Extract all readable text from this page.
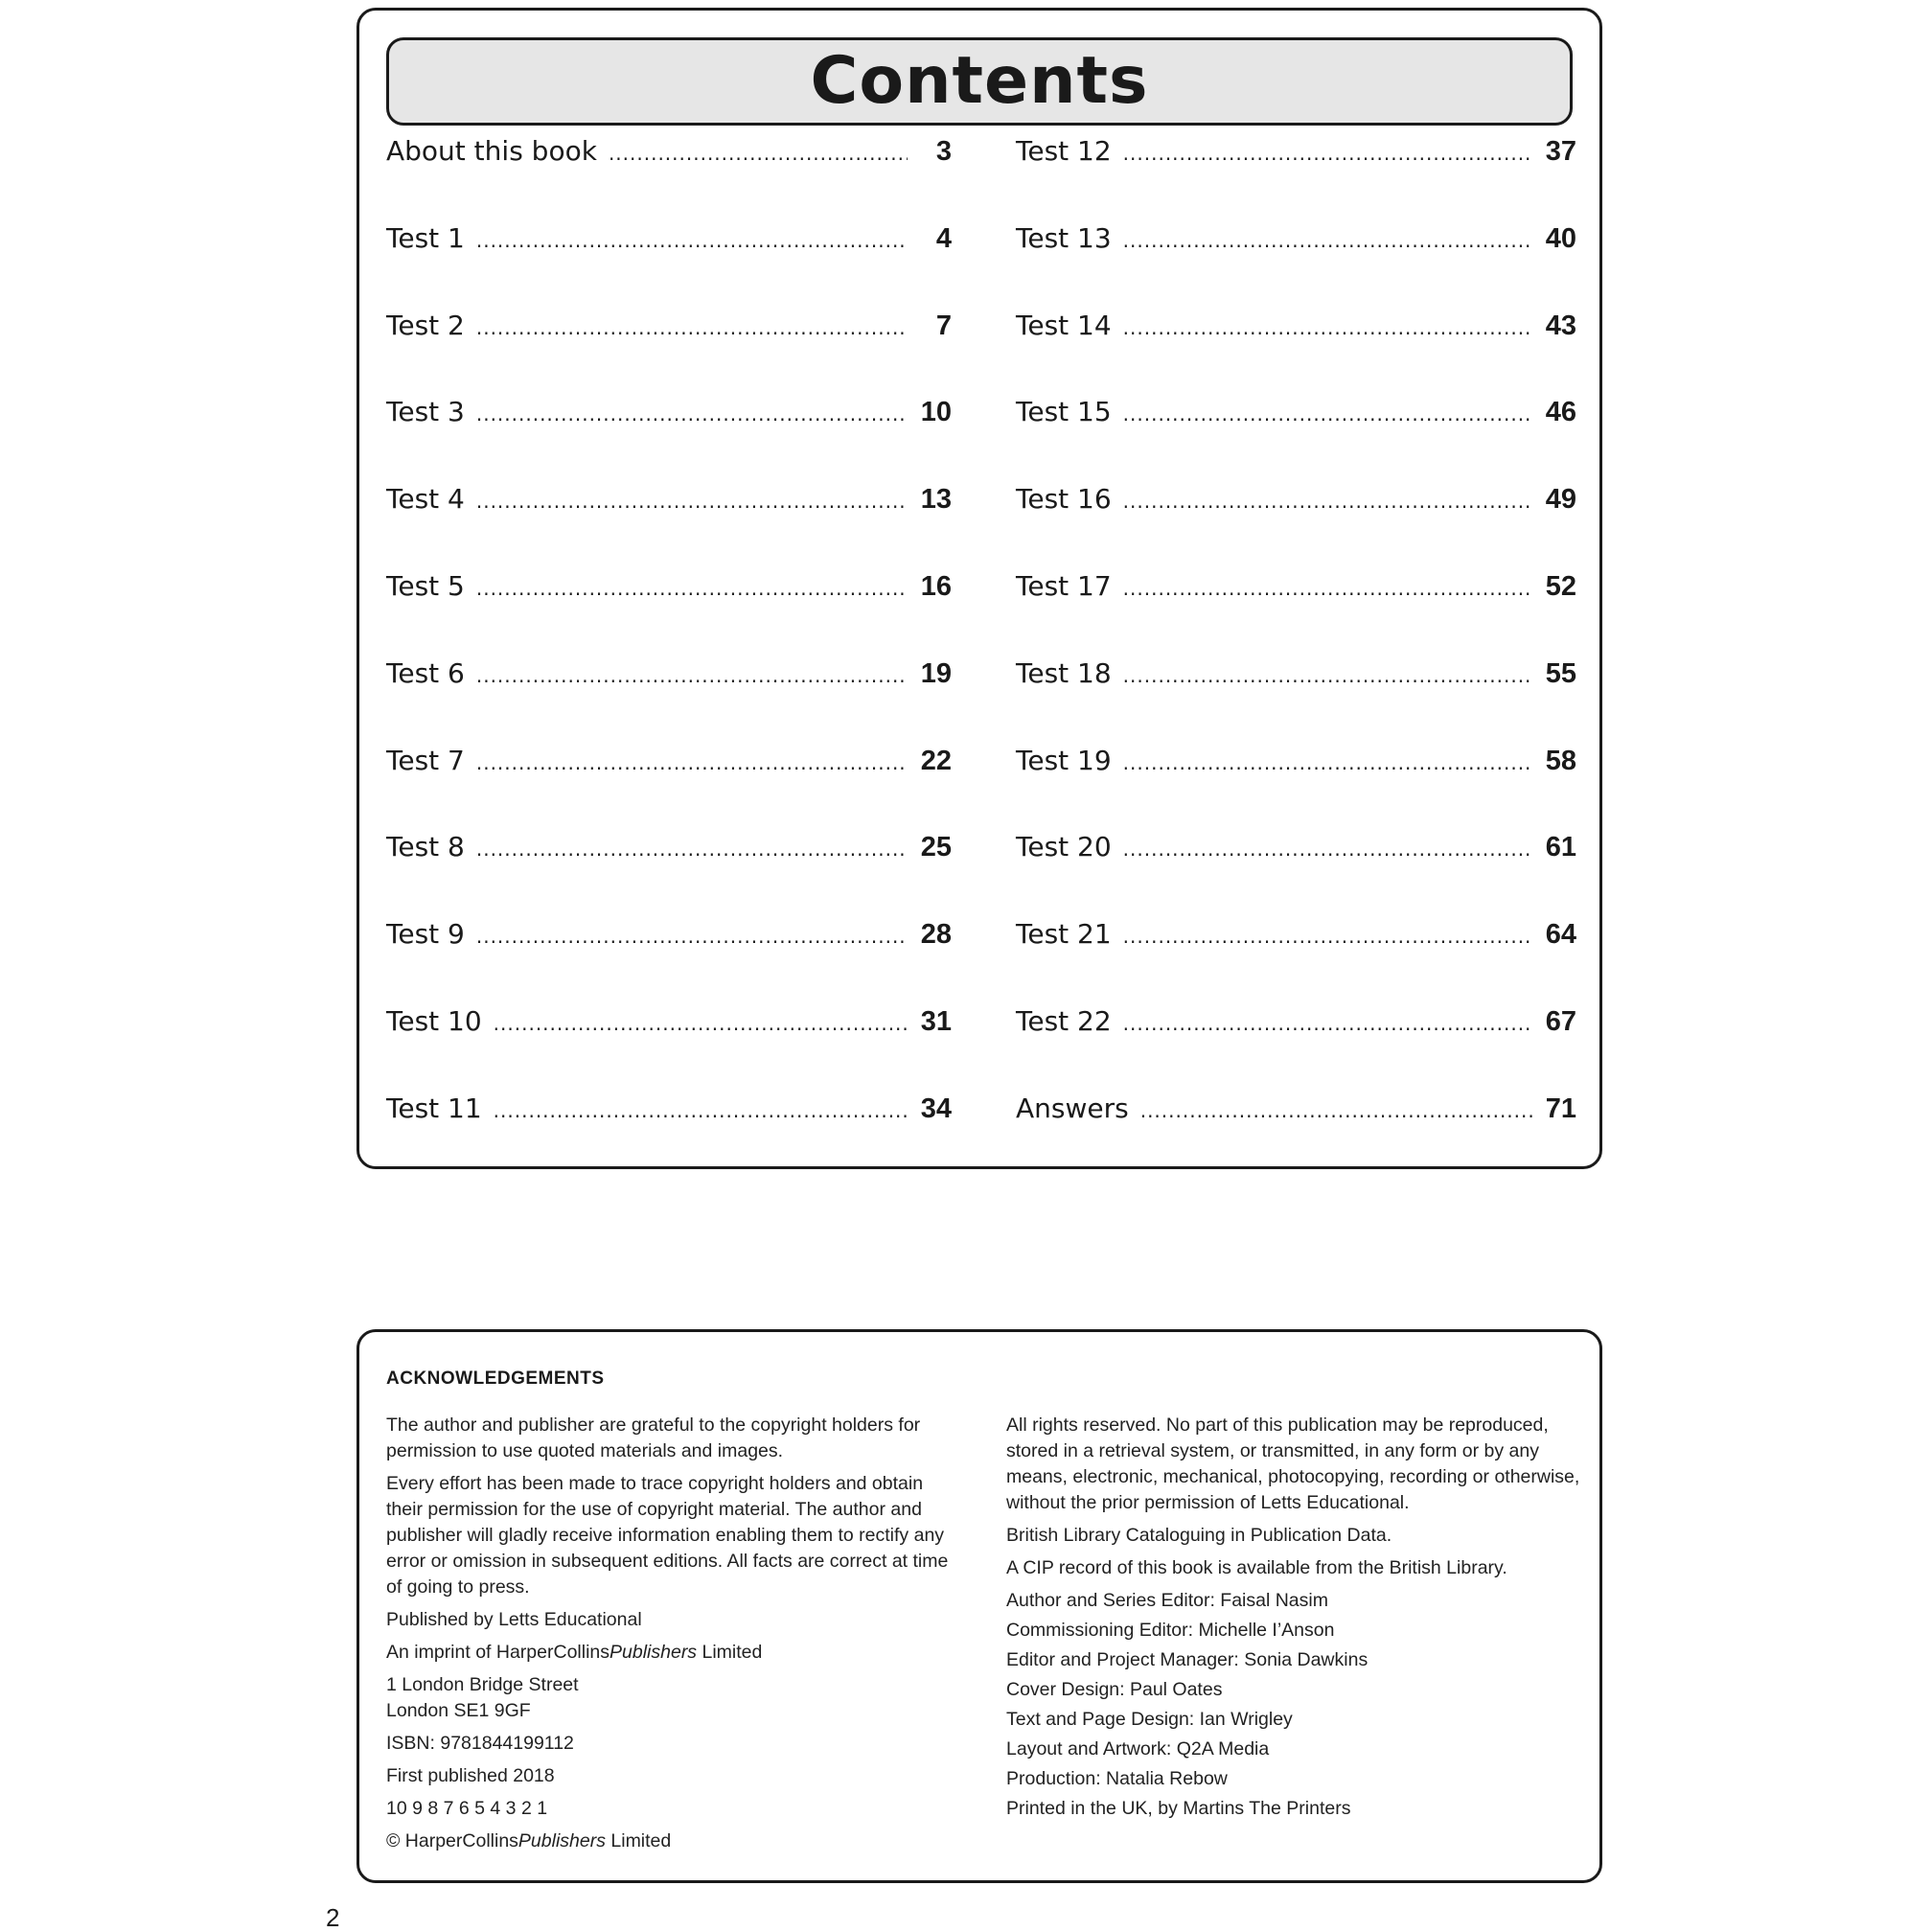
Contents
About this book .....	3
Test 1 .....	4
Test 2 .....	7
Test 3 .....	10
Test 4 .....	13
Test 5 .....	16
Test 6 .....	19
Test 7 .....	22
Test 8 .....	25
Test 9 .....	28
Test 10 .....	31
Test 11 .....	34
Test 12 .....	37
Test 13 .....	40
Test 14 .....	43
Test 15 .....	46
Test 16 .....	49
Test 17 .....	52
Test 18 .....	55
Test 19 .....	58
Test 20 .....	61
Test 21 .....	64
Test 22 .....	67
Answers .....	71
ACKNOWLEDGEMENTS

The author and publisher are grateful to the copyright holders for permission to use quoted materials and images.

Every effort has been made to trace copyright holders and obtain their permission for the use of copyright material. The author and publisher will gladly receive information enabling them to rectify any error or omission in subsequent editions. All facts are correct at time of going to press.

Published by Letts Educational

An imprint of HarperCollinsPublishers Limited

1 London Bridge Street
London SE1 9GF

ISBN: 9781844199112

First published 2018

10 9 8 7 6 5 4 3 2 1

© HarperCollinsPublishers Limited

All rights reserved. No part of this publication may be reproduced, stored in a retrieval system, or transmitted, in any form or by any means, electronic, mechanical, photocopying, recording or otherwise, without the prior permission of Letts Educational.

British Library Cataloguing in Publication Data.

A CIP record of this book is available from the British Library.

Author and Series Editor: Faisal Nasim

Commissioning Editor: Michelle I’Anson

Editor and Project Manager: Sonia Dawkins

Cover Design: Paul Oates

Text and Page Design: Ian Wrigley

Layout and Artwork: Q2A Media

Production: Natalia Rebow

Printed in the UK, by Martins The Printers

2
